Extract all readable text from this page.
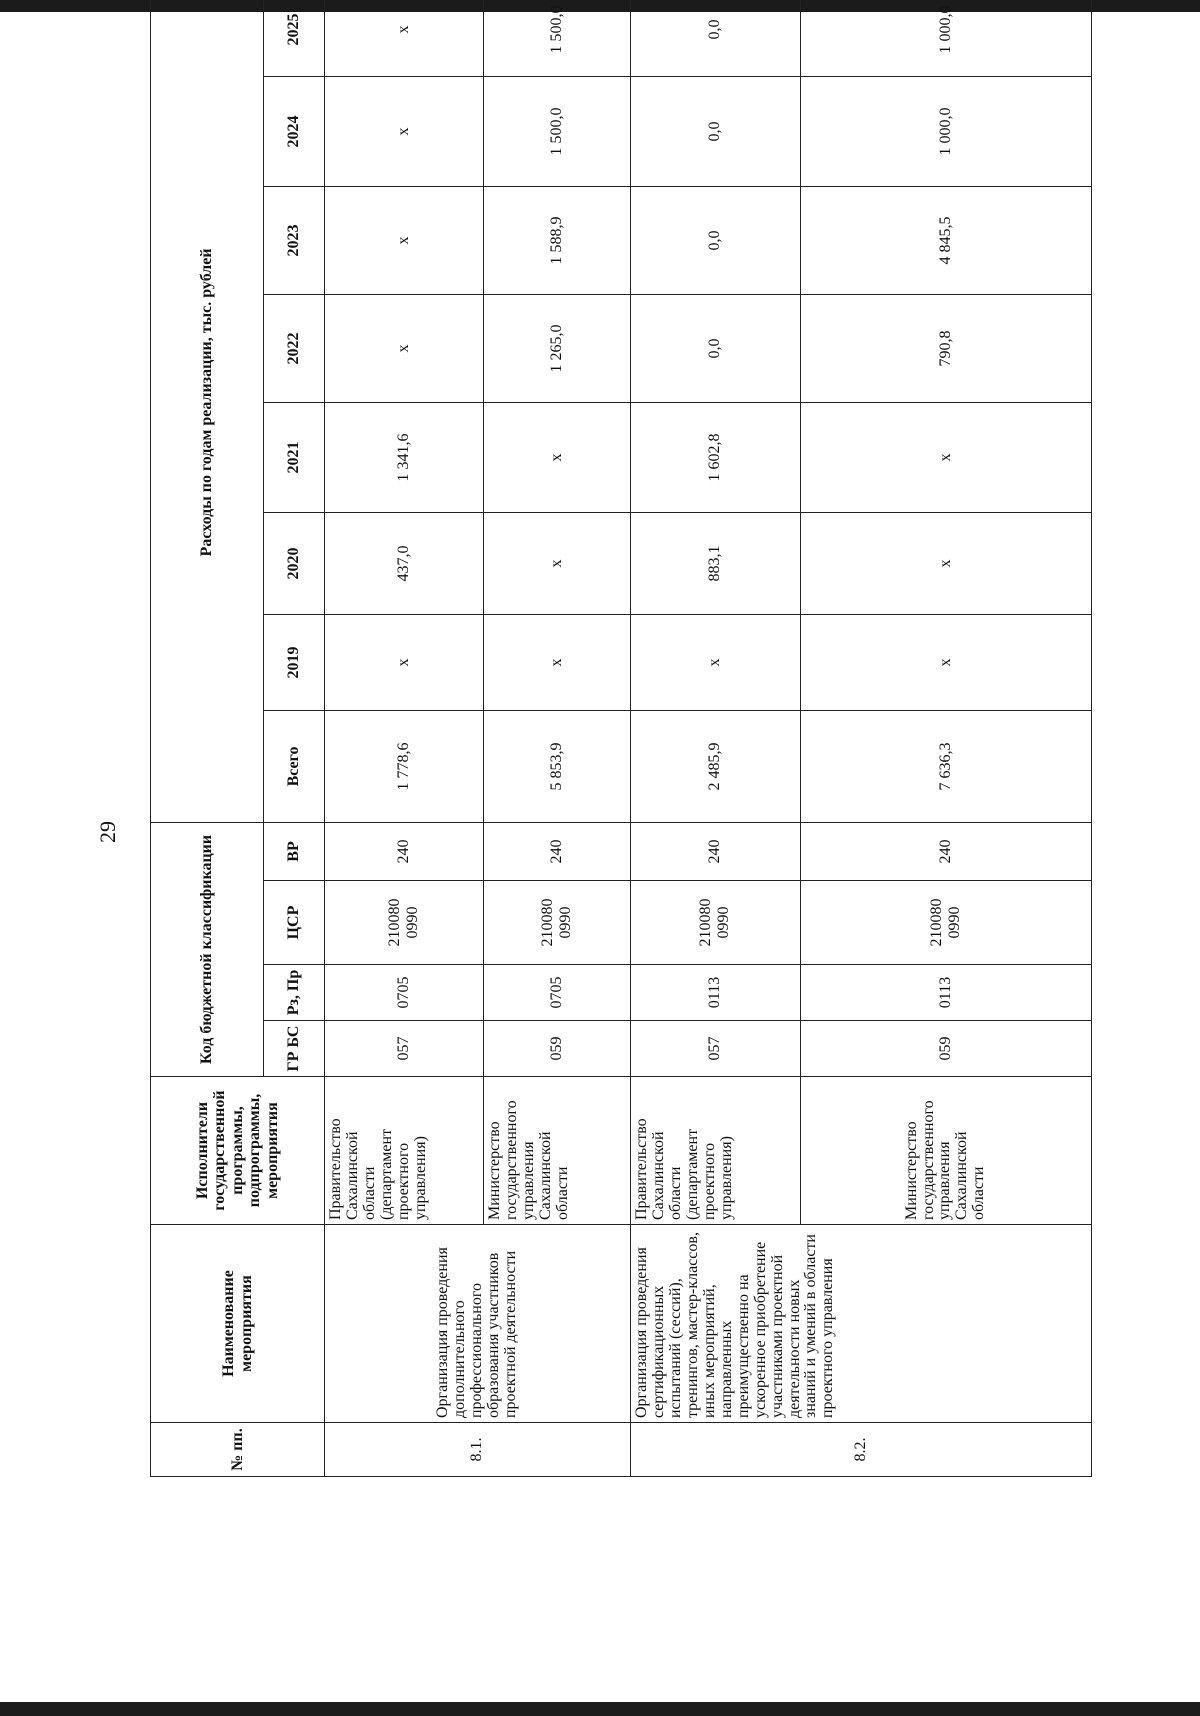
29
№ пп.	Наименование мероприятия	Исполнители государственной программы, подпрограммы, мероприятия	Код бюджетной классификации				Расходы по годам реализации, тыс. рублей							
							Всего	2019	2020	2021	2022	2023	2024	2025
			ГР БС	Рз, Пр	ЦСР	ВР								
8.1.	Организация проведения дополнительного профессионального образования участников проектной деятельности	Правительство Сахалинской области (департамент проектного управления)	057	0705	210080 0990	240	1 778,6	x	437,0	1 341,6	x	x	x	x
		Министерство государственного управления Сахалинской области	059	0705	210080 0990	240	5 853,9	x	x	x	1 265,0	1 588,9	1 500,0	1 500,0
8.2.	Организация проведения сертификационных испытаний (сессий), тренингов, мастер-классов, иных мероприятий, направленных преимущественно на ускоренное приобретение участниками проектной деятельности новых знаний и умений в области проектного управления	Правительство Сахалинской области (департамент проектного управления)	057	0113	210080 0990	240	2 485,9	x	883,1	1 602,8	0,0	0,0	0,0	0,0
		Министерство государственного управления Сахалинской области	059	0113	210080 0990	240	7 636,3	x	x	x	790,8	4 845,5	1 000,0	1 000,0
